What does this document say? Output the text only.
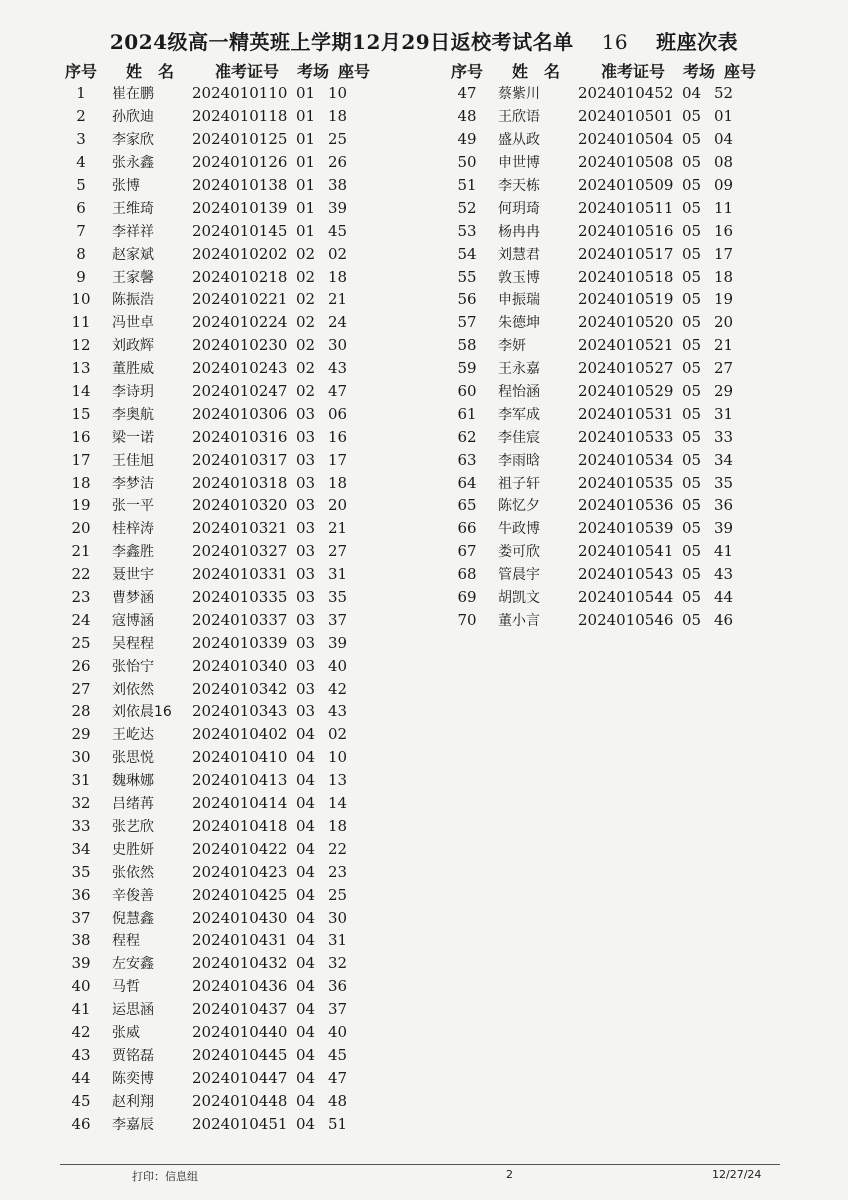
2024级高一精英班上学期12月29日返校考试名单 16 班座次表
序号	姓　名	准考证号	考场 座号
1	崔在鹏	2024010110 01 10
2	孙欣迪	2024010118 01 18
3	李家欣	2024010125 01 25
4	张永鑫	2024010126 01 26
5	张博	2024010138 01 38
6	王维琦	2024010139 01 39
7	李祥祥	2024010145 01 45
8	赵家斌	2024010202 02 02
9	王家馨	2024010218 02 18
10	陈振浩	2024010221 02 21
11	冯世卓	2024010224 02 24
12	刘政辉	2024010230 02 30
13	董胜威	2024010243 02 43
14	李诗玥	2024010247 02 47
15	李奥航	2024010306 03 06
16	梁一诺	2024010316 03 16
17	王佳旭	2024010317 03 17
18	李梦洁	2024010318 03 18
19	张一平	2024010320 03 20
20	桂梓涛	2024010321 03 21
21	李鑫胜	2024010327 03 27
22	聂世宇	2024010331 03 31
23	曹梦涵	2024010335 03 35
24	寇博涵	2024010337 03 37
25	吴程程	2024010339 03 39
26	张怡宁	2024010340 03 40
27	刘依然	2024010342 03 42
28	刘依晨16	2024010343 03 43
29	王屹达	2024010402 04 02
30	张思悦	2024010410 04 10
31	魏琳娜	2024010413 04 13
32	吕绪苒	2024010414 04 14
33	张艺欣	2024010418 04 18
34	史胜妍	2024010422 04 22
35	张依然	2024010423 04 23
36	辛俊善	2024010425 04 25
37	倪慧鑫	2024010430 04 30
38	程程	2024010431 04 31
39	左安鑫	2024010432 04 32
40	马哲	2024010436 04 36
41	运思涵	2024010437 04 37
42	张威	2024010440 04 40
43	贾铭磊	2024010445 04 45
44	陈奕博	2024010447 04 47
45	赵利翔	2024010448 04 48
46	李嘉辰	2024010451 04 51
序号	姓　名	准考证号	考场 座号
47	蔡紫川	2024010452 04 52
48	王欣语	2024010501 05 01
49	盛从政	2024010504 05 04
50	申世博	2024010508 05 08
51	李天栋	2024010509 05 09
52	何玥琦	2024010511 05 11
53	杨冉冉	2024010516 05 16
54	刘慧君	2024010517 05 17
55	敦玉博	2024010518 05 18
56	申振瑞	2024010519 05 19
57	朱德坤	2024010520 05 20
58	李妍	2024010521 05 21
59	王永嘉	2024010527 05 27
60	程怡涵	2024010529 05 29
61	李军成	2024010531 05 31
62	李佳宸	2024010533 05 33
63	李雨晗	2024010534 05 34
64	祖子轩	2024010535 05 35
65	陈忆夕	2024010536 05 36
66	牛政博	2024010539 05 39
67	娄可欣	2024010541 05 41
68	管晨宇	2024010543 05 43
69	胡凯文	2024010544 05 44
70	董小言	2024010546 05 46
打印：信息组	2	12/27/24
